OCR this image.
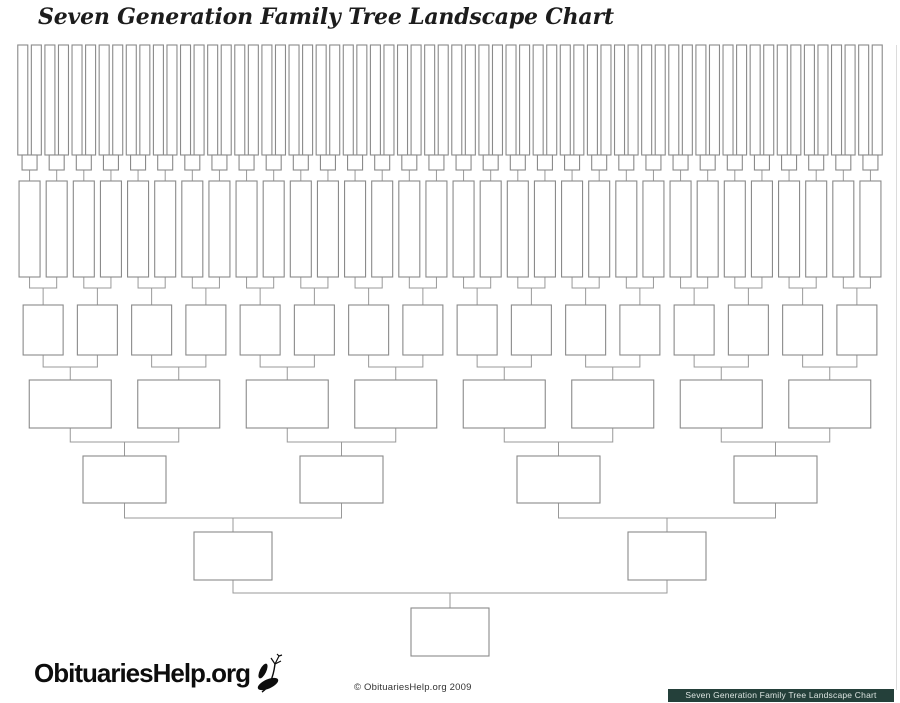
Seven Generation Family Tree Landscape Chart
ObituariesHelp.org	© ObituariesHelp.org 2009
Seven Generation Family Tree Landscape Chart
